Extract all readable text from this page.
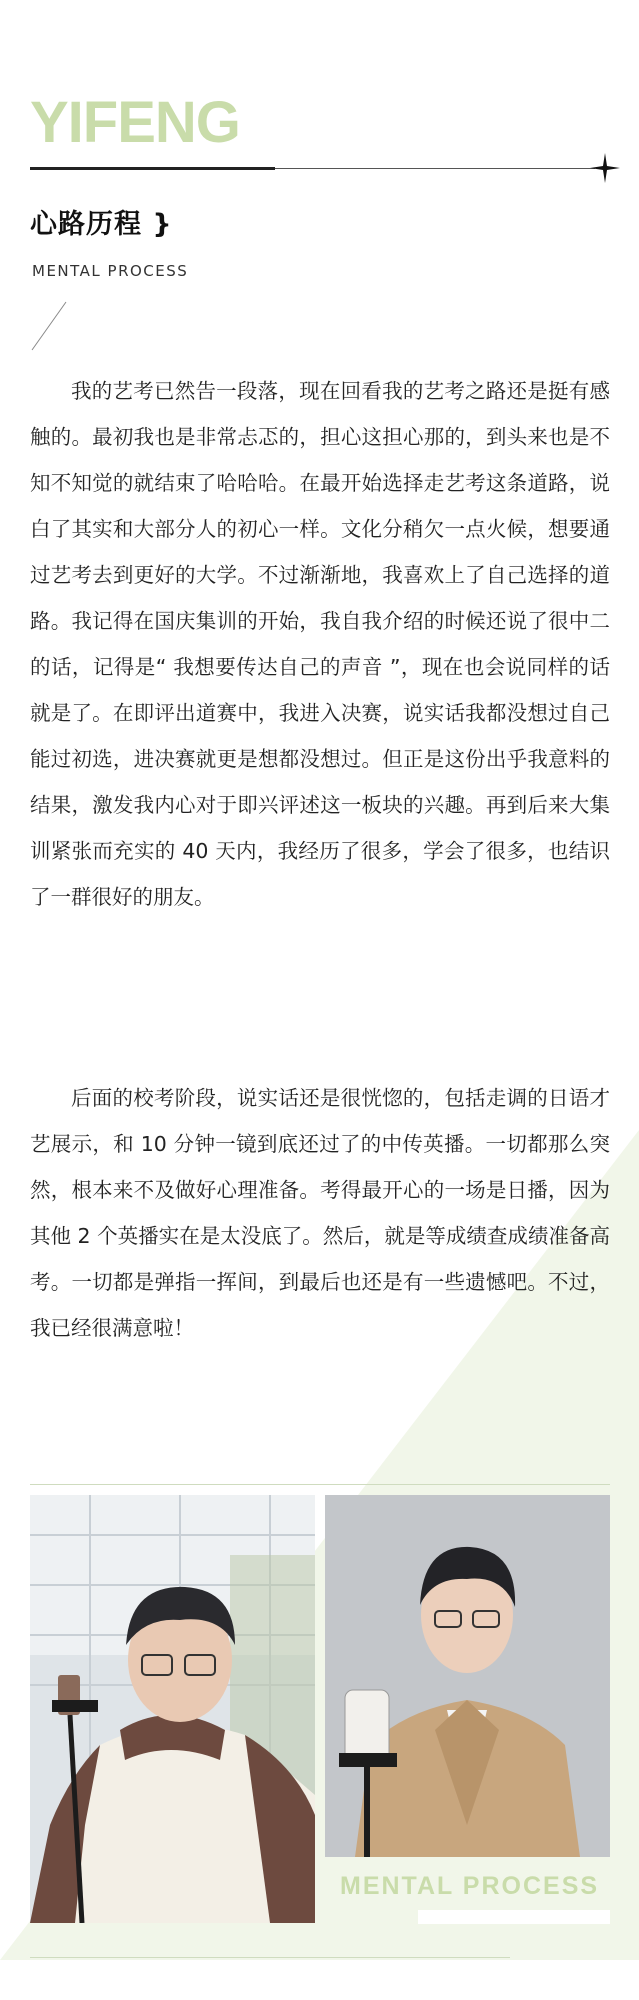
YIFENG
心路历程 }
MENTAL PROCESS

我的艺考已然告一段落，现在回看我的艺考之路还是挺有感触的。最初我也是非常忐忑的，担心这担心那的，到头来也是不知不知觉的就结束了哈哈哈。在最开始选择走艺考这条道路，说白了其实和大部分人的初心一样。文化分稍欠一点火候，想要通过艺考去到更好的大学。不过渐渐地，我喜欢上了自己选择的道路。我记得在国庆集训的开始，我自我介绍的时候还说了很中二的话，记得是“ 我想要传达自己的声音 ”，现在也会说同样的话就是了。在即评出道赛中，我进入决赛，说实话我都没想过自己能过初选，进决赛就更是想都没想过。但正是这份出乎我意料的结果，激发我内心对于即兴评述这一板块的兴趣。再到后来大集训紧张而充实的 40 天内，我经历了很多，学会了很多，也结识了一群很好的朋友。

后面的校考阶段，说实话还是很恍惚的，包括走调的日语才艺展示，和 10 分钟一镜到底还过了的中传英播。一切都那么突然，根本来不及做好心理准备。考得最开心的一场是日播，因为其他 2 个英播实在是太没底了。然后，就是等成绩查成绩准备高考。一切都是弹指一挥间，到最后也还是有一些遗憾吧。不过，我已经很满意啦！

MENTAL PROCESS
